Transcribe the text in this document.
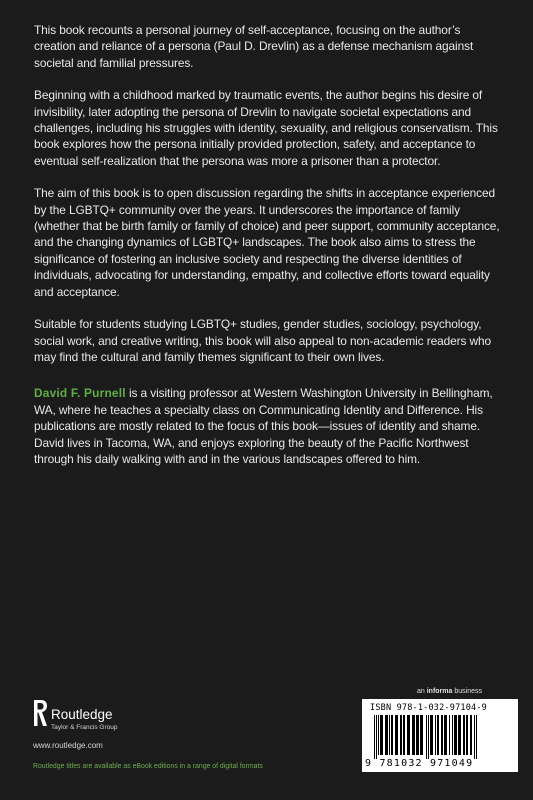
This book recounts a personal journey of self-acceptance, focusing on the author’s creation and reliance of a persona (Paul D. Drevlin) as a defense mechanism against societal and familial pressures.

Beginning with a childhood marked by traumatic events, the author begins his desire of invisibility, later adopting the persona of Drevlin to navigate societal expectations and challenges, including his struggles with identity, sexuality, and religious conservatism. This book explores how the persona initially provided protection, safety, and acceptance to eventual self-realization that the persona was more a prisoner than a protector.

The aim of this book is to open discussion regarding the shifts in acceptance experienced by the LGBTQ+ community over the years. It underscores the importance of family (whether that be birth family or family of choice) and peer support, community acceptance, and the changing dynamics of LGBTQ+ landscapes. The book also aims to stress the significance of fostering an inclusive society and respecting the diverse identities of individuals, advocating for understanding, empathy, and collective efforts toward equality and acceptance.

Suitable for students studying LGBTQ+ studies, gender studies, sociology, psychology, social work, and creative writing, this book will also appeal to non-academic readers who may find the cultural and family themes significant to their own lives.

David F. Purnell is a visiting professor at Western Washington University in Bellingham, WA, where he teaches a specialty class on Communicating Identity and Difference. His publications are mostly related to the focus of this book—issues of identity and shame. David lives in Tacoma, WA, and enjoys exploring the beauty of the Pacific Northwest through his daily walking with and in the various landscapes offered to him.

an informa business
ISBN 978-1-032-97104-9
9 781032 971049
Routledge
Taylor & Francis Group
www.routledge.com
Routledge titles are available as eBook editions in a range of digital formats
